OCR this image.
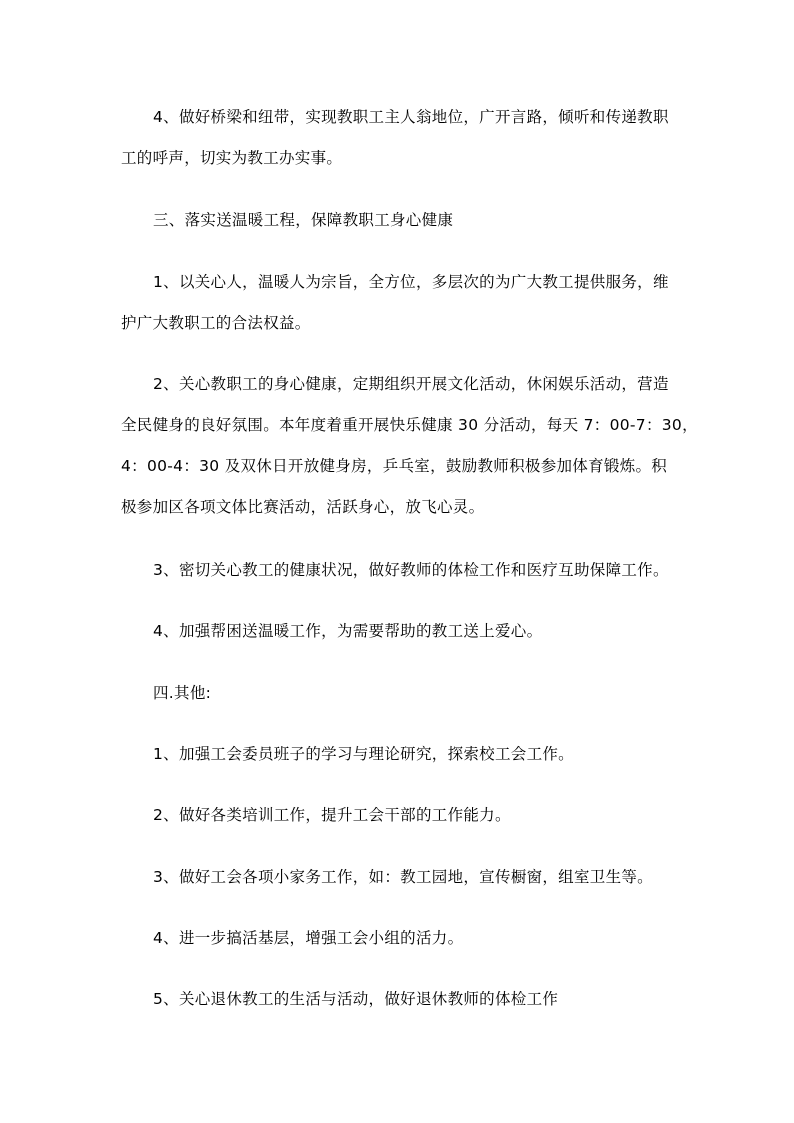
4、做好桥梁和纽带，实现教职工主人翁地位，广开言路，倾听和传递教职
工的呼声，切实为教工办实事。
三、落实送温暖工程，保障教职工身心健康
1、以关心人，温暖人为宗旨，全方位，多层次的为广大教工提供服务，维
护广大教职工的合法权益。
2、关心教职工的身心健康，定期组织开展文化活动，休闲娱乐活动，营造
全民健身的良好氛围。本年度着重开展快乐健康 30 分活动，每天 7：00-7：30，
4：00-4：30 及双休日开放健身房，乒乓室，鼓励教师积极参加体育锻炼。积
极参加区各项文体比赛活动，活跃身心，放飞心灵。
3、密切关心教工的健康状况，做好教师的体检工作和医疗互助保障工作。
4、加强帮困送温暖工作，为需要帮助的教工送上爱心。
四.其他:
1、加强工会委员班子的学习与理论研究，探索校工会工作。
2、做好各类培训工作，提升工会干部的工作能力。
3、做好工会各项小家务工作，如：教工园地，宣传橱窗，组室卫生等。
4、进一步搞活基层，增强工会小组的活力。
5、关心退休教工的生活与活动，做好退休教师的体检工作
